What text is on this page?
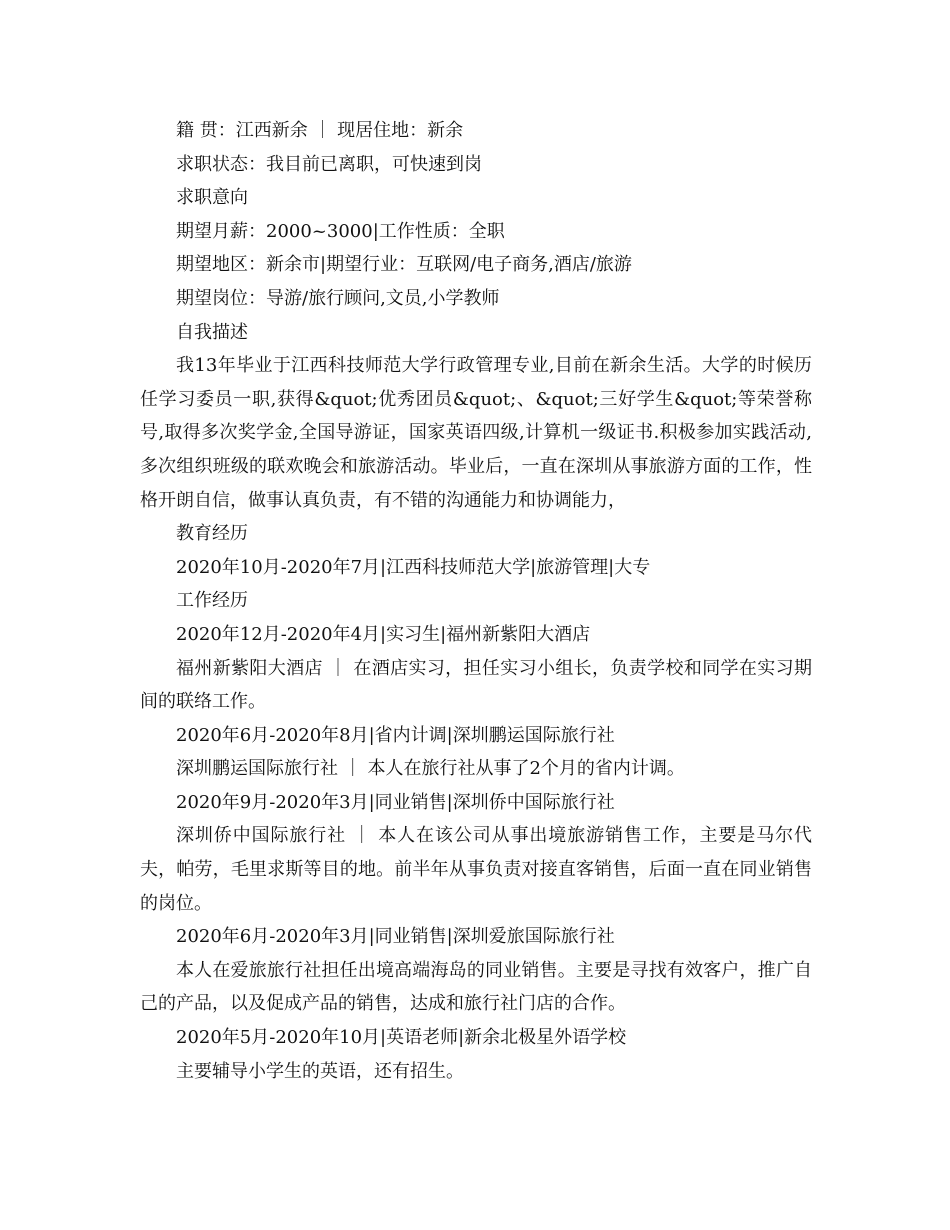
籍 贯：江西新余 ｜ 现居住地：新余
求职状态：我目前已离职，可快速到岗
求职意向
期望月薪：2000~3000|工作性质：全职
期望地区：新余市|期望行业：互联网/电子商务,酒店/旅游
期望岗位：导游/旅行顾问,文员,小学教师
自我描述
我13年毕业于江西科技师范大学行政管理专业,目前在新余生活。大学的时候历任学习委员一职,获得&quot;优秀团员&quot;、&quot;三好学生&quot;等荣誉称号,取得多次奖学金,全国导游证，国家英语四级,计算机一级证书.积极参加实践活动,多次组织班级的联欢晚会和旅游活动。毕业后，一直在深圳从事旅游方面的工作，性格开朗自信，做事认真负责，有不错的沟通能力和协调能力，
教育经历
2020年10月-2020年7月|江西科技师范大学|旅游管理|大专
工作经历
2020年12月-2020年4月|实习生|福州新紫阳大酒店
福州新紫阳大酒店 ｜ 在酒店实习，担任实习小组长，负责学校和同学在实习期间的联络工作。
2020年6月-2020年8月|省内计调|深圳鹏运国际旅行社
深圳鹏运国际旅行社 ｜ 本人在旅行社从事了2个月的省内计调。
2020年9月-2020年3月|同业销售|深圳侨中国际旅行社
深圳侨中国际旅行社 ｜ 本人在该公司从事出境旅游销售工作，主要是马尔代夫，帕劳，毛里求斯等目的地。前半年从事负责对接直客销售，后面一直在同业销售的岗位。
2020年6月-2020年3月|同业销售|深圳爱旅国际旅行社
本人在爱旅旅行社担任出境高端海岛的同业销售。主要是寻找有效客户，推广自己的产品，以及促成产品的销售，达成和旅行社门店的合作。
2020年5月-2020年10月|英语老师|新余北极星外语学校
主要辅导小学生的英语，还有招生。
